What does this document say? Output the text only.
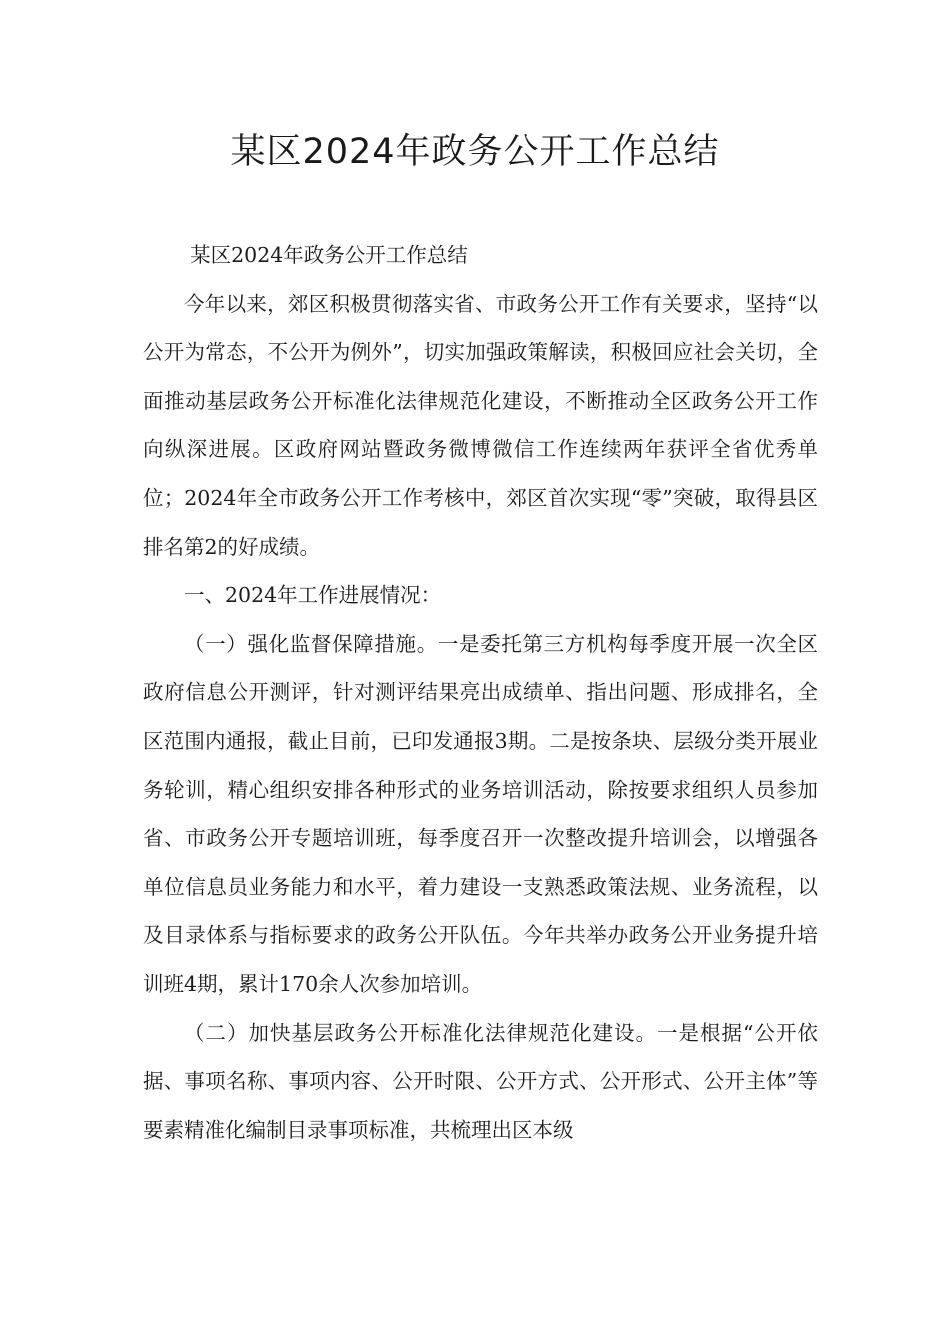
某区2024年政务公开工作总结

某区2024年政务公开工作总结

今年以来，郊区积极贯彻落实省、市政务公开工作有关要求，坚持“以公开为常态，不公开为例外”，切实加强政策解读，积极回应社会关切，全面推动基层政务公开标准化法律规范化建设，不断推动全区政务公开工作向纵深进展。区政府网站暨政务微博微信工作连续两年获评全省优秀单位；2024年全市政务公开工作考核中，郊区首次实现“零”突破，取得县区排名第2的好成绩。

一、2024年工作进展情况：

（一）强化监督保障措施。一是委托第三方机构每季度开展一次全区政府信息公开测评，针对测评结果亮出成绩单、指出问题、形成排名，全区范围内通报，截止目前，已印发通报3期。二是按条块、层级分类开展业务轮训，精心组织安排各种形式的业务培训活动，除按要求组织人员参加省、市政务公开专题培训班，每季度召开一次整改提升培训会，以增强各单位信息员业务能力和水平，着力建设一支熟悉政策法规、业务流程，以及目录体系与指标要求的政务公开队伍。今年共举办政务公开业务提升培训班4期，累计170余人次参加培训。

（二）加快基层政务公开标准化法律规范化建设。一是根据“公开依据、事项名称、事项内容、公开时限、公开方式、公开形式、公开主体”等要素精准化编制目录事项标准，共梳理出区本级
